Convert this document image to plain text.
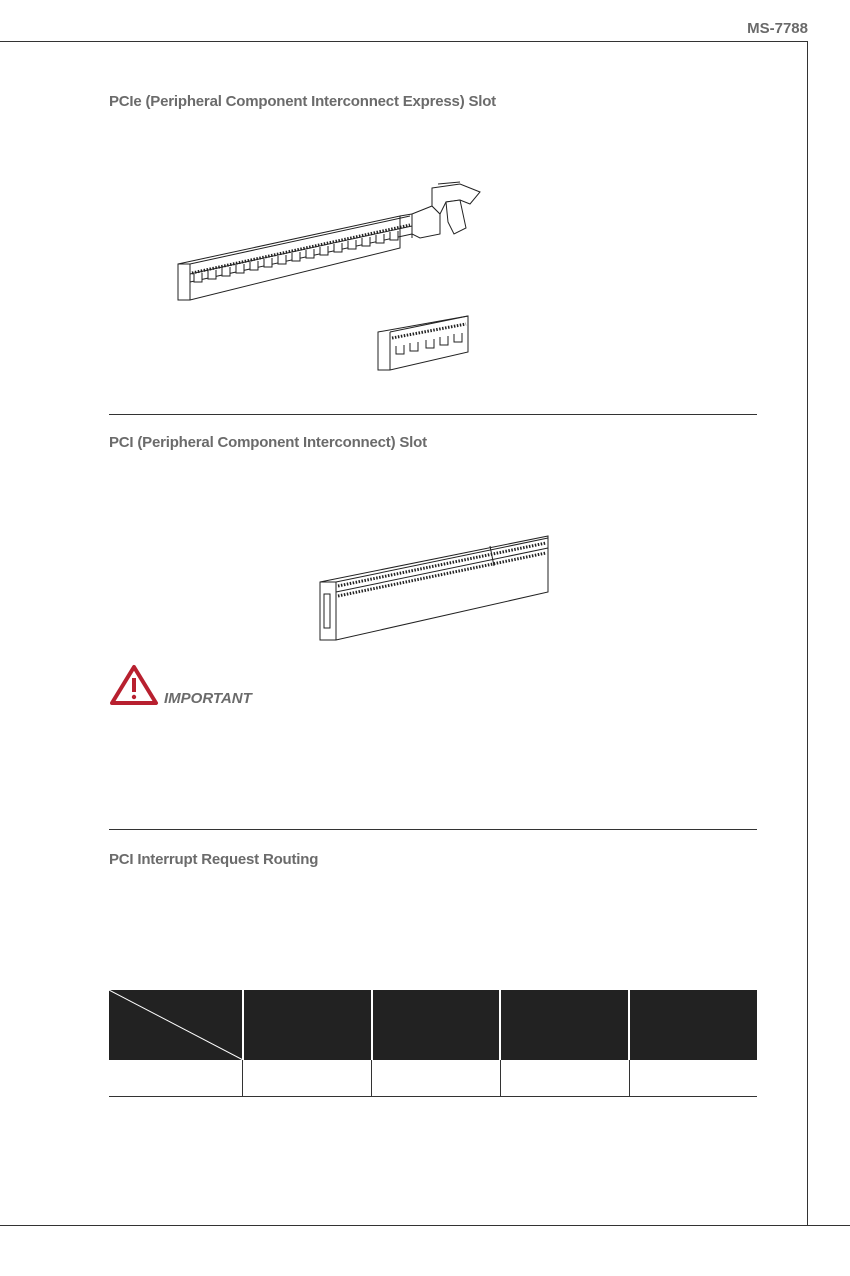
MS-7788
PCIe (Peripheral Component Interconnect Express) Slot
PCI (Peripheral Component Interconnect) Slot
IMPORTANT
PCI Interrupt Request Routing
